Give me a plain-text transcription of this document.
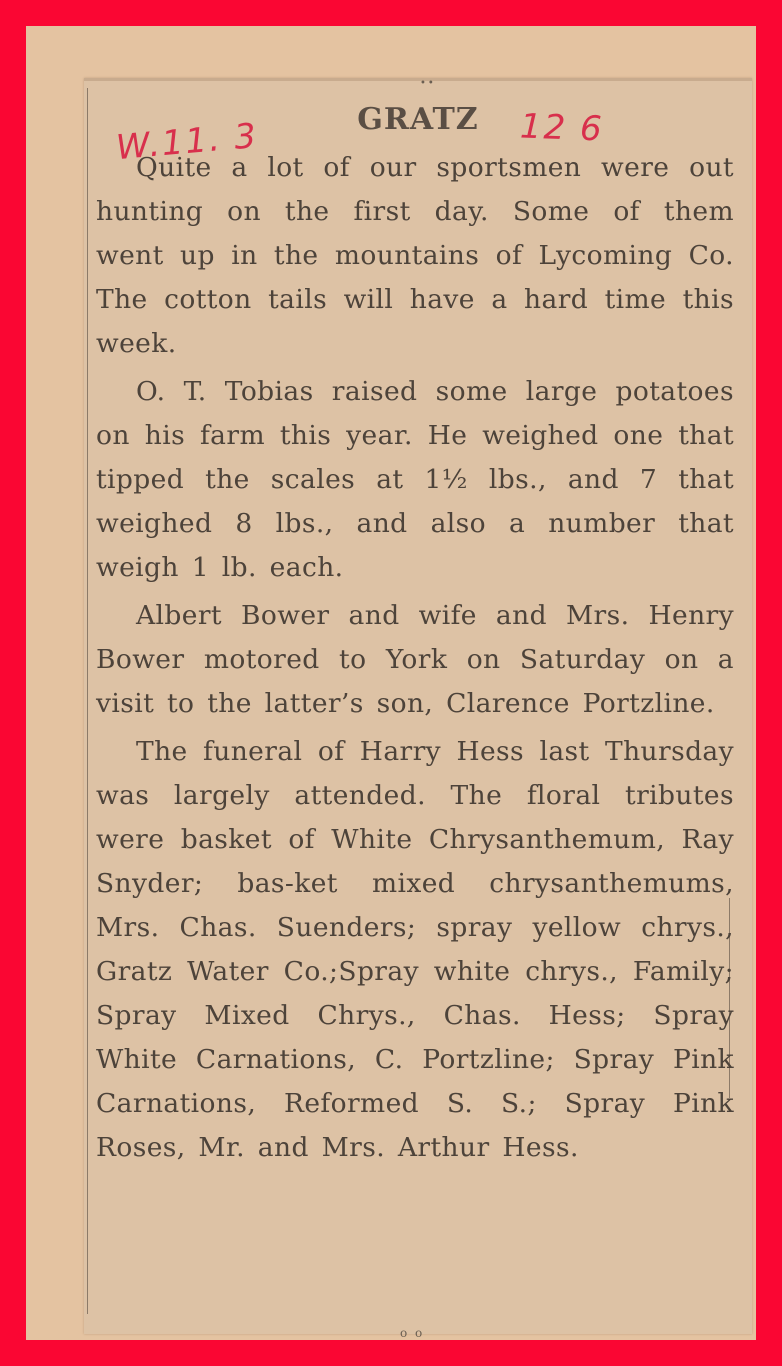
••
GRATZ

W.11. 3	12 6

Quite a lot of our sportsmen were out hunting on the first day. Some of them went up in the mountains of Lycoming Co. The cotton tails will have a hard time this week.

O. T. Tobias raised some large potatoes on his farm this year. He weighed one that tipped the scales at 1½ lbs., and 7 that weighed 8 lbs., and also a number that weigh 1 lb. each.

Albert Bower and wife and Mrs. Henry Bower motored to York on Saturday on a visit to the latter’s son, Clarence Portzline.

The funeral of Harry Hess last Thursday was largely attended. The floral tributes were basket of White Chrysanthemum, Ray Snyder; bas-ket mixed chrysanthemums, Mrs. Chas. Suenders; spray yellow chrys., Gratz Water Co.;Spray white chrys., Family; Spray Mixed Chrys., Chas. Hess; Spray White Carnations, C. Portzline; Spray Pink Carnations, Reformed S. S.; Spray Pink Roses, Mr. and Mrs. Arthur Hess.

o o
